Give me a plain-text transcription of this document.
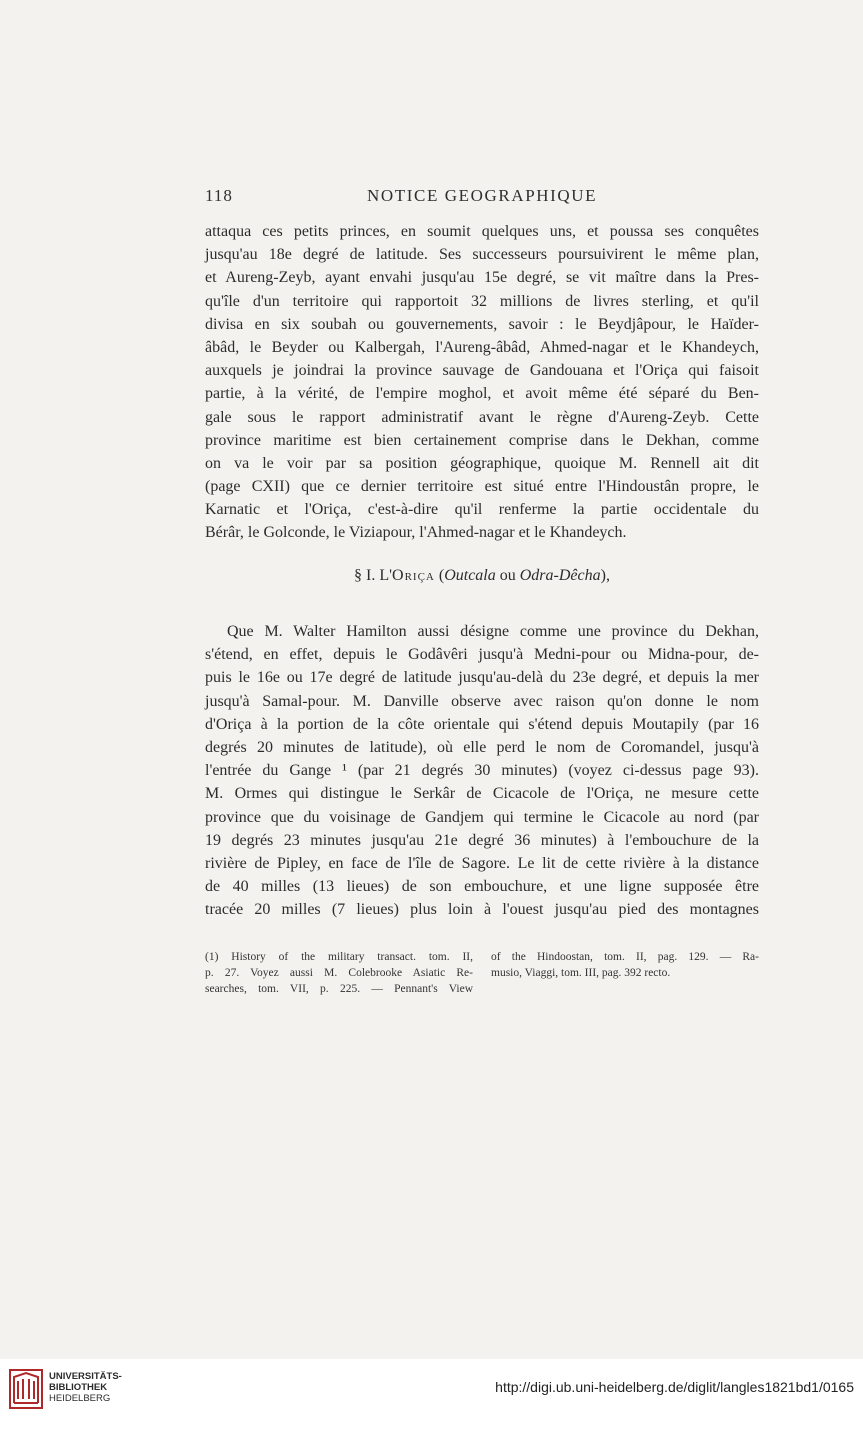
118	NOTICE GEOGRAPHIQUE
attaqua ces petits princes, en soumit quelques uns, et poussa ses conquêtes
jusqu'au 18e degré de latitude. Ses successeurs poursuivirent le même plan,
et Aureng-Zeyb, ayant envahi jusqu'au 15e degré, se vit maître dans la Pres-
qu'île d'un territoire qui rapportoit 32 millions de livres sterling, et qu'il
divisa en six soubah ou gouvernements, savoir : le Beydjâpour, le Haïder-
âbâd, le Beyder ou Kalbergah, l'Aureng-âbâd, Ahmed-nagar et le Khandeych,
auxquels je joindrai la province sauvage de Gandouana et l'Oriça qui faisoit
partie, à la vérité, de l'empire moghol, et avoit même été séparé du Ben-
gale sous le rapport administratif avant le règne d'Aureng-Zeyb. Cette
province maritime est bien certainement comprise dans le Dekhan, comme
on va le voir par sa position géographique, quoique M. Rennell ait dit
(page CXII) que ce dernier territoire est situé entre l'Hindoustân propre, le
Karnatic et l'Oriça, c'est-à-dire qu'il renferme la partie occidentale du
Bérâr, le Golconde, le Viziapour, l'Ahmed-nagar et le Khandeych.
§ I. L'Oriça (Outcala ou Odra-Dêcha),
Que M. Walter Hamilton aussi désigne comme une province du Dekhan,
s'étend, en effet, depuis le Godâvêri jusqu'à Medni-pour ou Midna-pour, de-
puis le 16e ou 17e degré de latitude jusqu'au-delà du 23e degré, et depuis la mer
jusqu'à Samal-pour. M. Danville observe avec raison qu'on donne le nom
d'Oriça à la portion de la côte orientale qui s'étend depuis Moutapily (par 16
degrés 20 minutes de latitude), où elle perd le nom de Coromandel, jusqu'à
l'entrée du Gange ¹ (par 21 degrés 30 minutes) (voyez ci-dessus page 93).
M. Ormes qui distingue le Serkâr de Cicacole de l'Oriça, ne mesure cette
province que du voisinage de Gandjem qui termine le Cicacole au nord (par
19 degrés 23 minutes jusqu'au 21e degré 36 minutes) à l'embouchure de la
rivière de Pipley, en face de l'île de Sagore. Le lit de cette rivière à la distance
de 40 milles (13 lieues) de son embouchure, et une ligne supposée être
tracée 20 milles (7 lieues) plus loin à l'ouest jusqu'au pied des montagnes
(1) History of the military transact. tom. II,
p. 27. Voyez aussi M. Colebrooke Asiatic Re-
searches, tom. VII, p. 225. — Pennant's View
of the Hindoostan, tom. II, pag. 129. — Ra-
musio, Viaggi, tom. III, pag. 392 recto.
UNIVERSITÄTS-
BIBLIOTHEK
HEIDELBERG
http://digi.ub.uni-heidelberg.de/diglit/langles1821bd1/0165
